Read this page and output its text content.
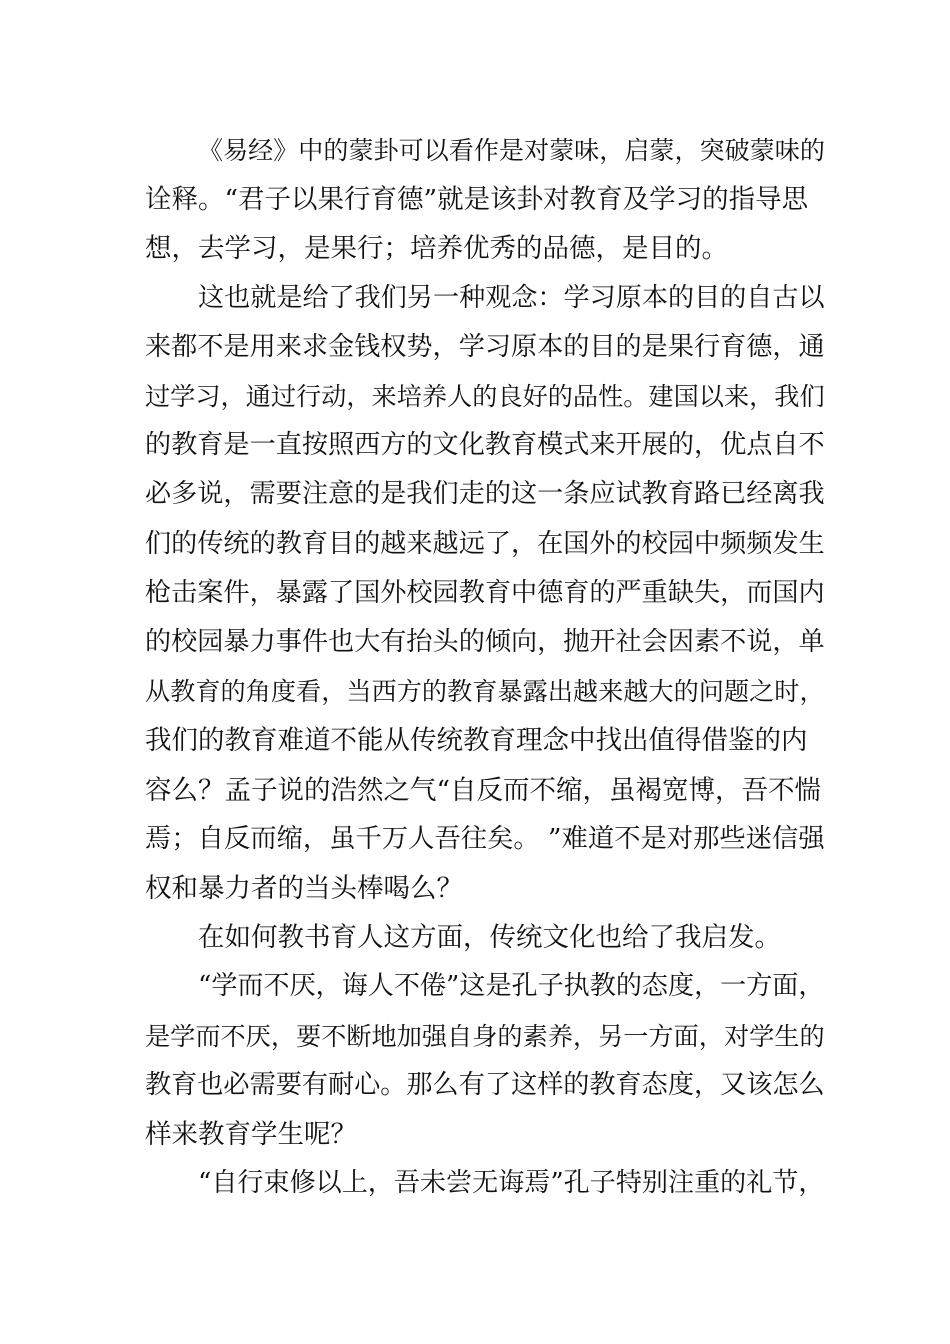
《易经》中的蒙卦可以看作是对蒙味，启蒙，突破蒙味的
诠释。“君子以果行育德”就是该卦对教育及学习的指导思
想，去学习，是果行；培养优秀的品德，是目的。
这也就是给了我们另一种观念：学习原本的目的自古以
来都不是用来求金钱权势，学习原本的目的是果行育德，通
过学习，通过行动，来培养人的良好的品性。建国以来，我们
的教育是一直按照西方的文化教育模式来开展的，优点自不
必多说，需要注意的是我们走的这一条应试教育路已经离我
们的传统的教育目的越来越远了，在国外的校园中频频发生
枪击案件，暴露了国外校园教育中德育的严重缺失，而国内
的校园暴力事件也大有抬头的倾向，抛开社会因素不说，单
从教育的角度看，当西方的教育暴露出越来越大的问题之时，
我们的教育难道不能从传统教育理念中找出值得借鉴的内
容么？孟子说的浩然之气“自反而不缩，虽褐宽博，吾不惴
焉；自反而缩，虽千万人吾往矣。 ”难道不是对那些迷信强
权和暴力者的当头棒喝么？
在如何教书育人这方面，传统文化也给了我启发。
“学而不厌，诲人不倦”这是孔子执教的态度，一方面，
是学而不厌，要不断地加强自身的素养，另一方面，对学生的
教育也必需要有耐心。那么有了这样的教育态度，又该怎么
样来教育学生呢？
“自行束修以上，吾未尝无诲焉”孔子特别注重的礼节，
